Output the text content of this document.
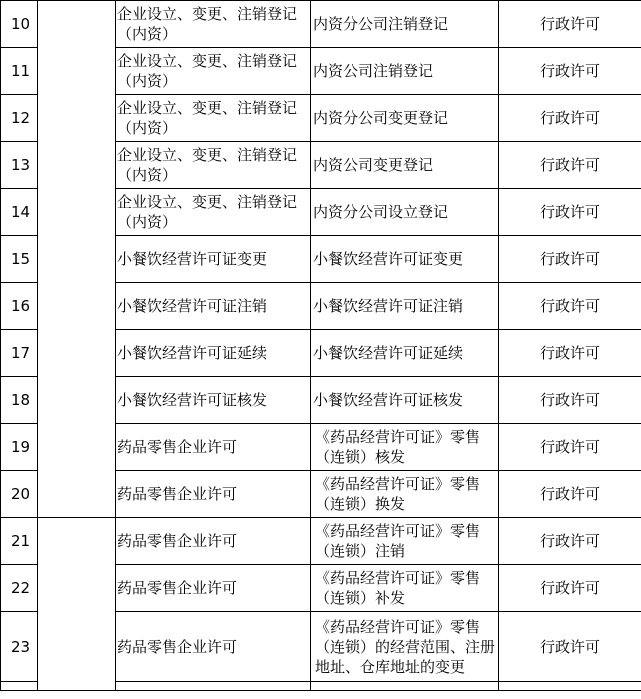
10		企业设立、变更、注销登记（内资）	内资分公司注销登记	行政许可
11		企业设立、变更、注销登记（内资）	内资公司注销登记	行政许可
12		企业设立、变更、注销登记（内资）	内资分公司变更登记	行政许可
13		企业设立、变更、注销登记（内资）	内资公司变更登记	行政许可
14		企业设立、变更、注销登记（内资）	内资分公司设立登记	行政许可
15		小餐饮经营许可证变更	小餐饮经营许可证变更	行政许可
16		小餐饮经营许可证注销	小餐饮经营许可证注销	行政许可
17		小餐饮经营许可证延续	小餐饮经营许可证延续	行政许可
18		小餐饮经营许可证核发	小餐饮经营许可证核发	行政许可
19		药品零售企业许可	《药品经营许可证》零售（连锁）核发	行政许可
20		药品零售企业许可	《药品经营许可证》零售（连锁）换发	行政许可
21		药品零售企业许可	《药品经营许可证》零售（连锁）注销	行政许可
22		药品零售企业许可	《药品经营许可证》零售（连锁）补发	行政许可
23		药品零售企业许可	《药品经营许可证》零售（连锁）的经营范围、注册地址、仓库地址的变更	行政许可
